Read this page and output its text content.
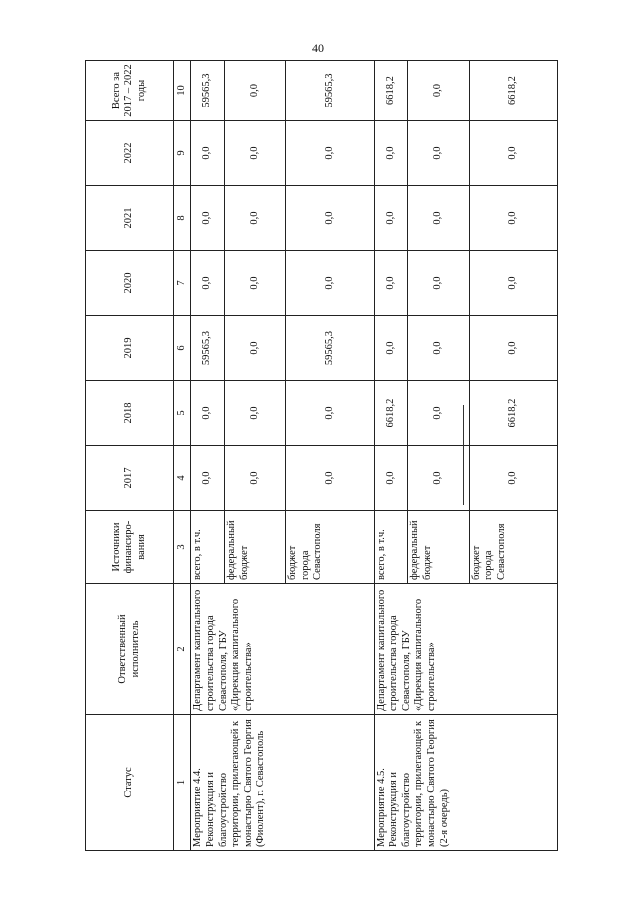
40
Статус	Ответственный исполнитель	Источники финансиро-вания	2017	2018	2019	2020	2021	2022	Всего за 2017 – 2022 годы
1	2	3	4	5	6	7	8	9	10
Мероприятие 4.4. Реконструкция и благоустройство территории, прилегающей к монастырю Святого Георгия (Фиолент), г. Севастополь	Департамент капитального строительства города Севастополя, ГБУ «Дирекция капитального строительства»	всего, в т.ч.	0,0	0,0	59565,3	0,0	0,0	0,0	59565,3
		федеральный бюджет	0,0	0,0	0,0	0,0	0,0	0,0	0,0
		бюджет города Севастополя	0,0	0,0	59565,3	0,0	0,0	0,0	59565,3
Мероприятие 4.5. Реконструкция и благоустройство территории, прилегающей к монастырю Святого Георгия (2-я очередь)	Департамент капитального строительства города Севастополя, ГБУ «Дирекция капитального строительства»	всего, в т.ч.	0,0	6618,2	0,0	0,0	0,0	0,0	6618,2
		федеральный бюджет	0,0	0,0	0,0	0,0	0,0	0,0	0,0
		бюджет города Севастополя	0,0	6618,2	0,0	0,0	0,0	0,0	6618,2
